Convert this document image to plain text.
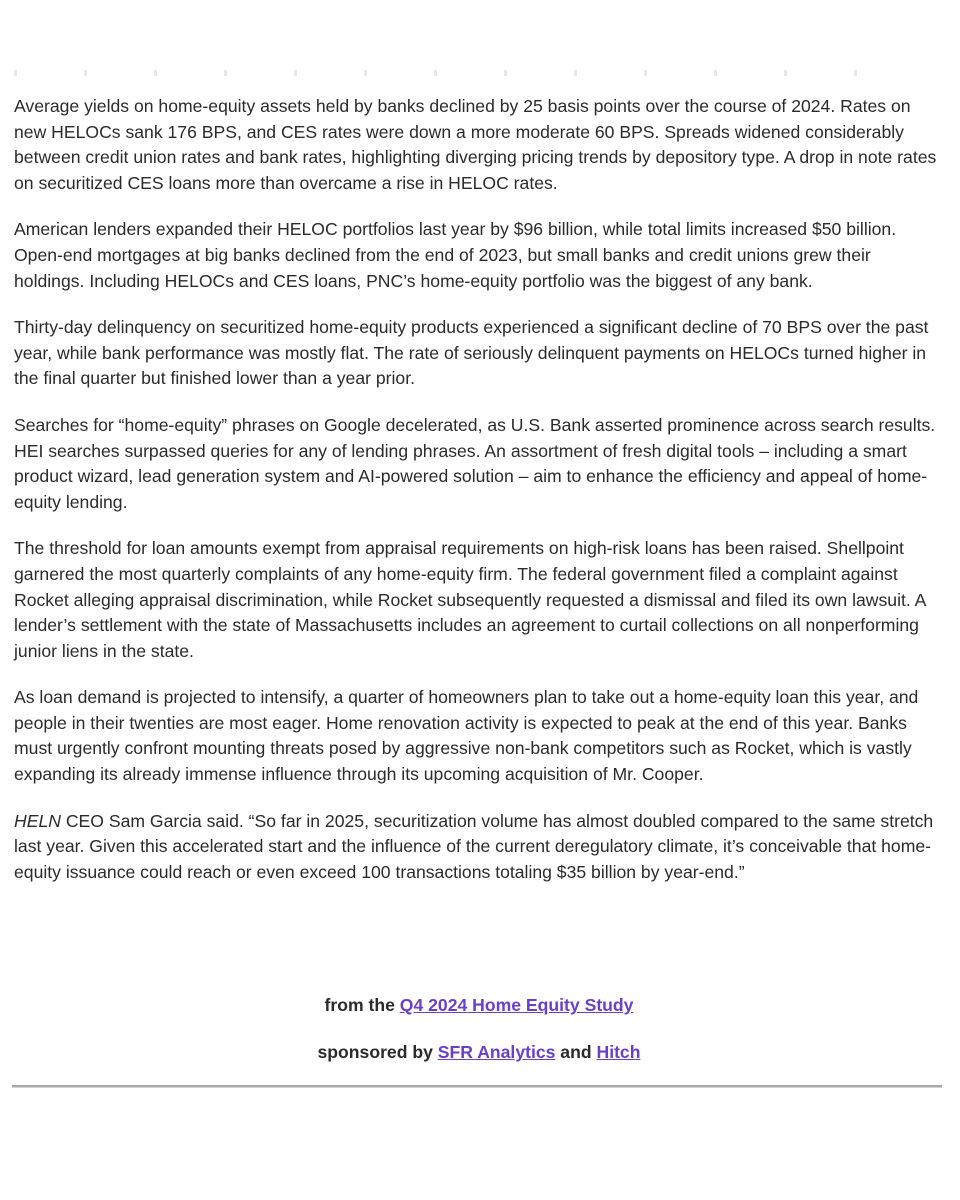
Average yields on home-equity assets held by banks declined by 25 basis points over the course of 2024. Rates on new HELOCs sank 176 BPS, and CES rates were down a more moderate 60 BPS. Spreads widened considerably between credit union rates and bank rates, highlighting diverging pricing trends by depository type. A drop in note rates on securitized CES loans more than overcame a rise in HELOC rates.

American lenders expanded their HELOC portfolios last year by $96 billion, while total limits increased $50 billion. Open-end mortgages at big banks declined from the end of 2023, but small banks and credit unions grew their holdings. Including HELOCs and CES loans, PNC’s home-equity portfolio was the biggest of any bank.

Thirty-day delinquency on securitized home-equity products experienced a significant decline of 70 BPS over the past year, while bank performance was mostly flat. The rate of seriously delinquent payments on HELOCs turned higher in the final quarter but finished lower than a year prior.

Searches for “home-equity” phrases on Google decelerated, as U.S. Bank asserted prominence across search results. HEI searches surpassed queries for any of lending phrases. An assortment of fresh digital tools – including a smart product wizard, lead generation system and AI-powered solution – aim to enhance the efficiency and appeal of home-equity lending.

The threshold for loan amounts exempt from appraisal requirements on high-risk loans has been raised. Shellpoint garnered the most quarterly complaints of any home-equity firm. The federal government filed a complaint against Rocket alleging appraisal discrimination, while Rocket subsequently requested a dismissal and filed its own lawsuit. A lender’s settlement with the state of Massachusetts includes an agreement to curtail collections on all nonperforming junior liens in the state.

As loan demand is projected to intensify, a quarter of homeowners plan to take out a home-equity loan this year, and people in their twenties are most eager. Home renovation activity is expected to peak at the end of this year. Banks must urgently confront mounting threats posed by aggressive non-bank competitors such as Rocket, which is vastly expanding its already immense influence through its upcoming acquisition of Mr. Cooper.

HELN CEO Sam Garcia said. “So far in 2025, securitization volume has almost doubled compared to the same stretch last year. Given this accelerated start and the influence of the current deregulatory climate, it’s conceivable that home-equity issuance could reach or even exceed 100 transactions totaling $35 billion by year-end.”

from the Q4 2024 Home Equity Study
sponsored by SFR Analytics and Hitch
